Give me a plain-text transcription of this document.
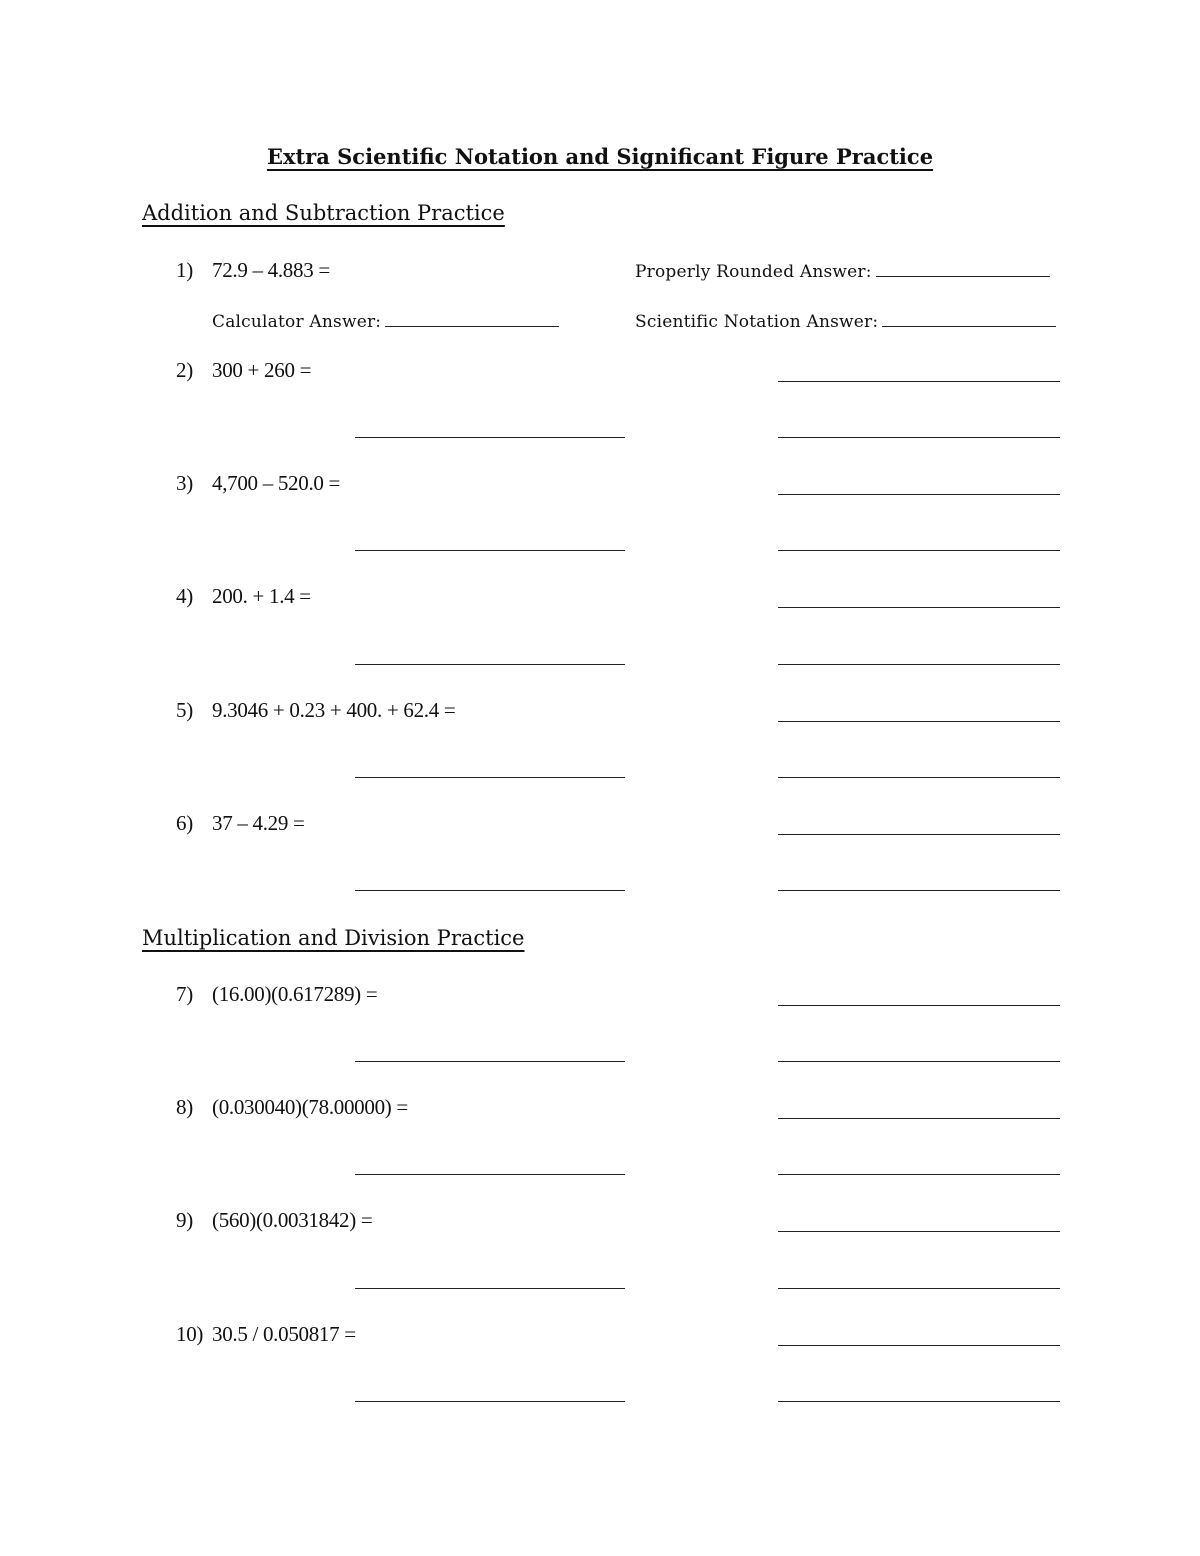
Extra Scientific Notation and Significant Figure Practice
Addition and Subtraction Practice
1) 72.9 – 4.883 =	Properly Rounded Answer:
Calculator Answer:	Scientific Notation Answer:
2) 300 + 260 =
3) 4,700 – 520.0 =
4) 200. + 1.4 =
5) 9.3046 + 0.23 + 400. + 62.4 =
6) 37 – 4.29 =
Multiplication and Division Practice
7) (16.00)(0.617289) =
8) (0.030040)(78.00000) =
9) (560)(0.0031842) =
10) 30.5 / 0.050817 =
